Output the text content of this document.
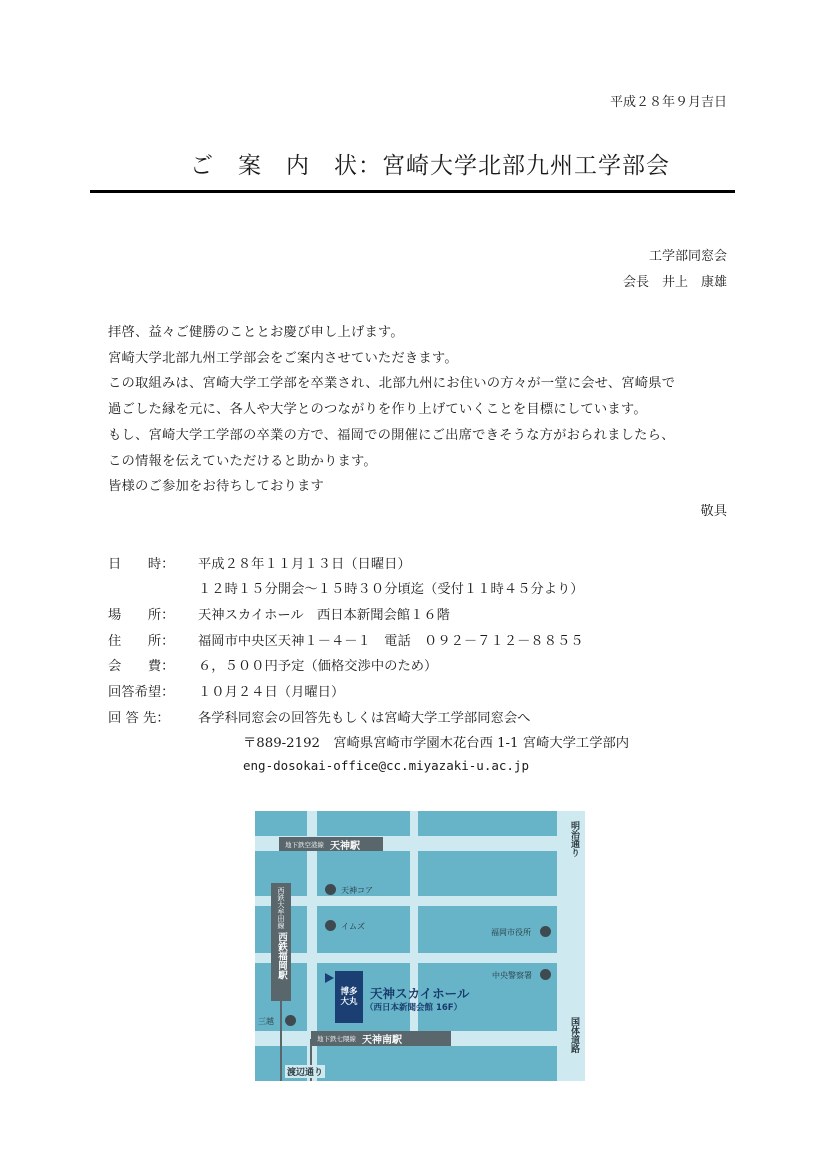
平成２８年９月吉日
ご　案　内　状：宮崎大学北部九州工学部会
工学部同窓会
会長　井上　康雄
拝啓、益々ご健勝のこととお慶び申し上げます。
宮崎大学北部九州工学部会をご案内させていただきます。
この取組みは、宮崎大学工学部を卒業され、北部九州にお住いの方々が一堂に会せ、宮崎県で
過ごした縁を元に、各人や大学とのつながりを作り上げていくことを目標にしています。
もし、宮崎大学工学部の卒業の方で、福岡での開催にご出席できそうな方がおられましたら、
この情報を伝えていただけると助かります。
皆様のご参加をお待ちしております
敬具
日　　時： 平成２８年１１月１３日（日曜日）
１２時１５分開会～１５時３０分頃迄（受付１１時４５分より）
場　　所： 天神スカイホール　西日本新聞会館１６階
住　　所： 福岡市中央区天神１－４－１　電話　０９２－７１２－８８５５
会　　費： ６，５００円予定（価格交渉中のため）
回答希望： １０月２４日（月曜日）
回 答 先： 各学科同窓会の回答先もしくは宮崎大学工学部同窓会へ
〒889-2192　宮崎県宮崎市学園木花台西 1-1 宮崎大学工学部内
eng-dosokai-office@cc.miyazaki-u.ac.jp
地下鉄空港線 天神駅
西鉄大牟田線
西鉄福岡駅
天神コア
イムズ
福岡市役所
中央警察署
三越
博多大丸
天神スカイホール
（西日本新聞会館 16F）
地下鉄七隈線 天神南駅
明治通り
国体道路
渡辺通り
